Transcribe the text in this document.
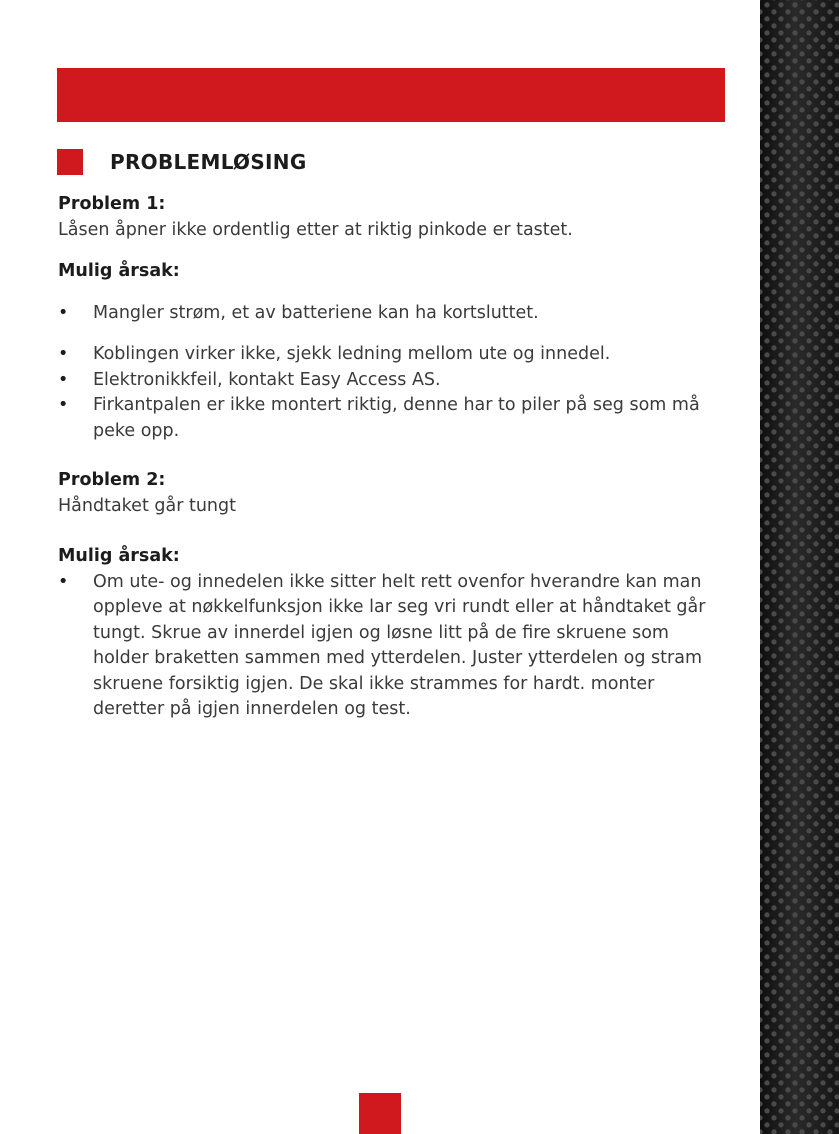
PROBLEMLØSING

Problem 1:

Låsen åpner ikke ordentlig etter at riktig pinkode er tastet.

Mulig årsak:

• Mangler strøm, et av batteriene kan ha kortsluttet.
• Koblingen virker ikke, sjekk ledning mellom ute og innedel.
• Elektronikkfeil, kontakt Easy Access AS.
• Firkantpalen er ikke montert riktig, denne har to piler på seg som må peke opp.

Problem 2:

Håndtaket går tungt

Mulig årsak:

• Om ute- og innedelen ikke sitter helt rett ovenfor hverandre kan man oppleve at nøkkelfunksjon ikke lar seg vri rundt eller at håndtaket går tungt. Skrue av innerdel igjen og løsne litt på de fire skruene som holder braketten sammen med ytterdelen. Juster ytterdelen og stram skruene forsiktig igjen. De skal ikke strammes for hardt. monter deretter på igjen innerdelen og test.
